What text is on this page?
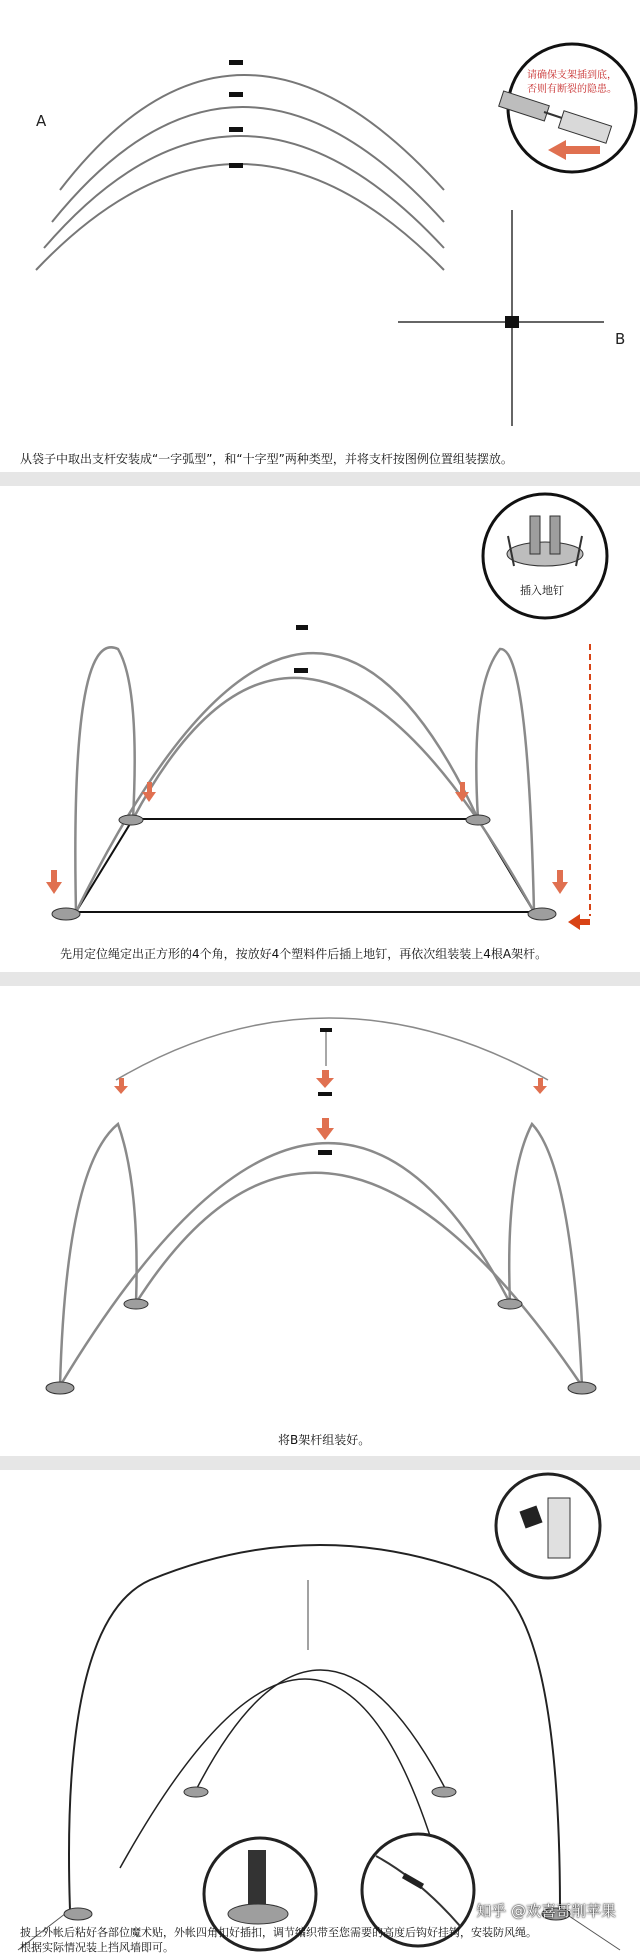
请确保支架插到底，
否则有断裂的隐患。
A
B
从袋子中取出支杆安装成“一字弧型”，和“十字型”两种类型，并将支杆按图例位置组装摆放。
插入地钉
先用定位绳定出正方形的4个角，按放好4个塑料件后插上地钉，再依次组装装上4根A架杆。
将B架杆组装好。
披上外帐后粘好各部位魔术贴，外帐四角扣好插扣，调节编织带至您需要的高度后钩好挂钩，安装防风绳。
根据实际情况装上挡风墙即可。
知乎 @欢喜哥削苹果
